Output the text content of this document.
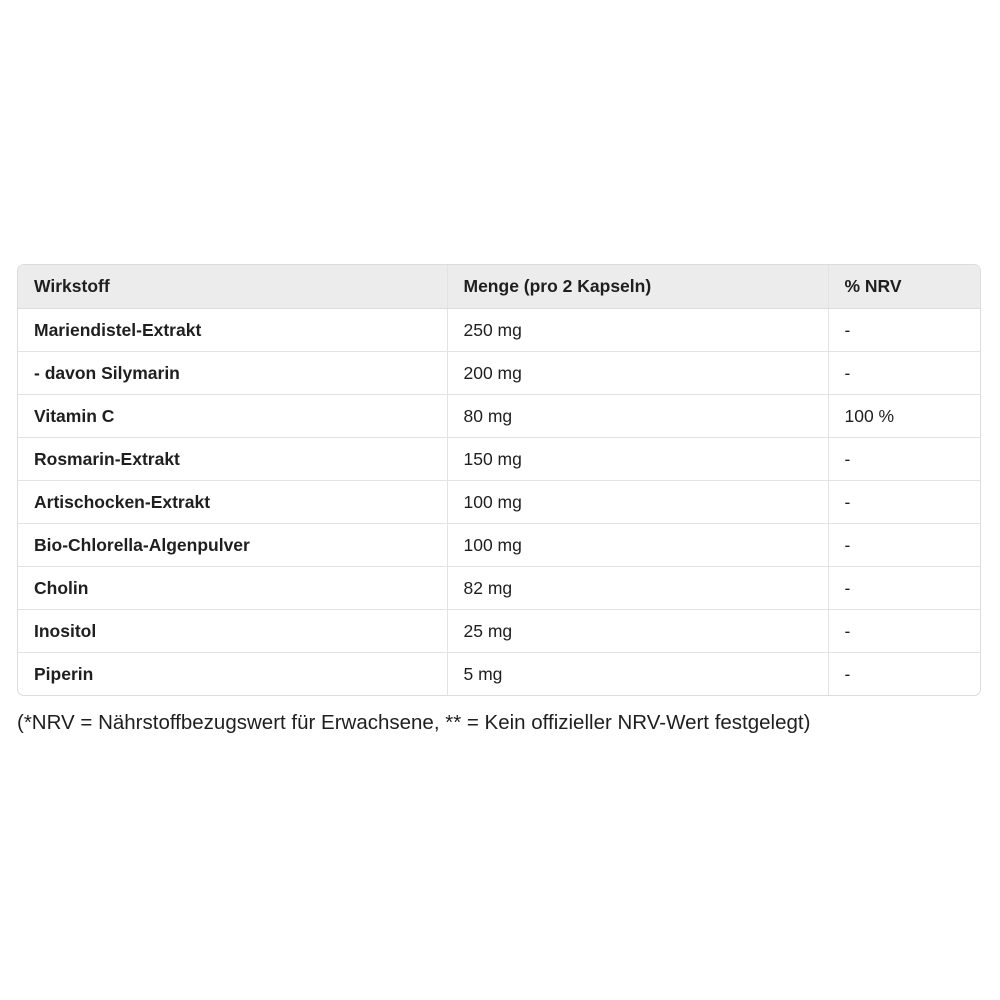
Wirkstoff	Menge (pro 2 Kapseln)	% NRV
Mariendistel-Extrakt	250 mg	-
- davon Silymarin	200 mg	-
Vitamin C	80 mg	100 %
Rosmarin-Extrakt	150 mg	-
Artischocken-Extrakt	100 mg	-
Bio-Chlorella-Algenpulver	100 mg	-
Cholin	82 mg	-
Inositol	25 mg	-
Piperin	5 mg	-
(*NRV = Nährstoffbezugswert für Erwachsene, ** = Kein offizieller NRV-Wert festgelegt)
